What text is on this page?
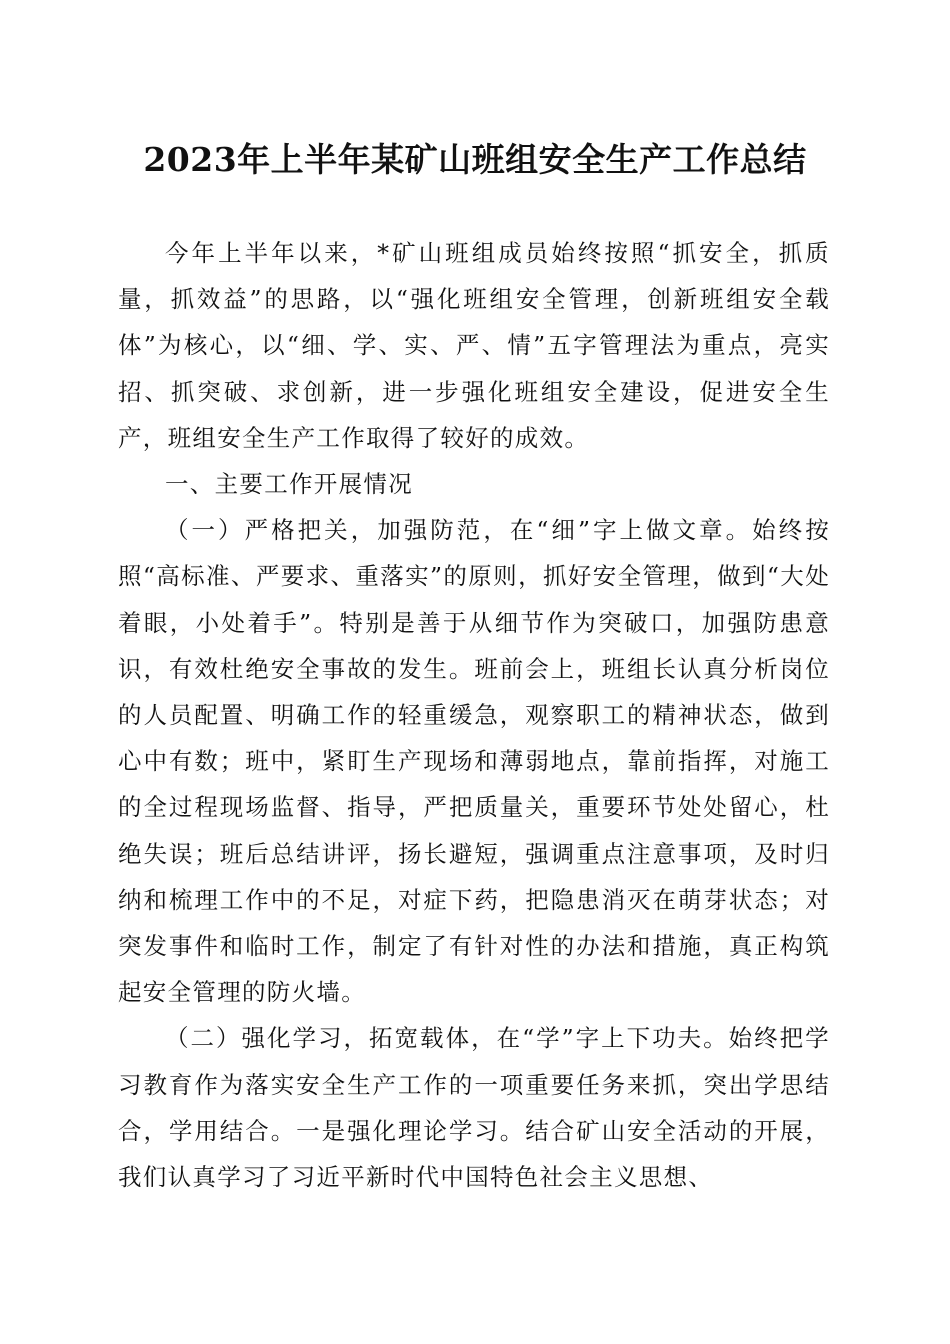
2023年上半年某矿山班组安全生产工作总结

今年上半年以来，*矿山班组成员始终按照“抓安全，抓质量，抓效益”的思路，以“强化班组安全管理，创新班组安全载体”为核心，以“细、学、实、严、情”五字管理法为重点，亮实招、抓突破、求创新，进一步强化班组安全建设，促进安全生产，班组安全生产工作取得了较好的成效。

一、主要工作开展情况

（一）严格把关，加强防范，在“细”字上做文章。始终按照“高标准、严要求、重落实”的原则，抓好安全管理，做到“大处着眼，小处着手”。特别是善于从细节作为突破口，加强防患意识，有效杜绝安全事故的发生。班前会上，班组长认真分析岗位的人员配置、明确工作的轻重缓急，观察职工的精神状态，做到心中有数；班中，紧盯生产现场和薄弱地点，靠前指挥，对施工的全过程现场监督、指导，严把质量关，重要环节处处留心，杜绝失误；班后总结讲评，扬长避短，强调重点注意事项，及时归纳和梳理工作中的不足，对症下药，把隐患消灭在萌芽状态；对突发事件和临时工作，制定了有针对性的办法和措施，真正构筑起安全管理的防火墙。

（二）强化学习，拓宽载体，在“学”字上下功夫。始终把学习教育作为落实安全生产工作的一项重要任务来抓，突出学思结合，学用结合。一是强化理论学习。结合矿山安全活动的开展，我们认真学习了习近平新时代中国特色社会主义思想、
